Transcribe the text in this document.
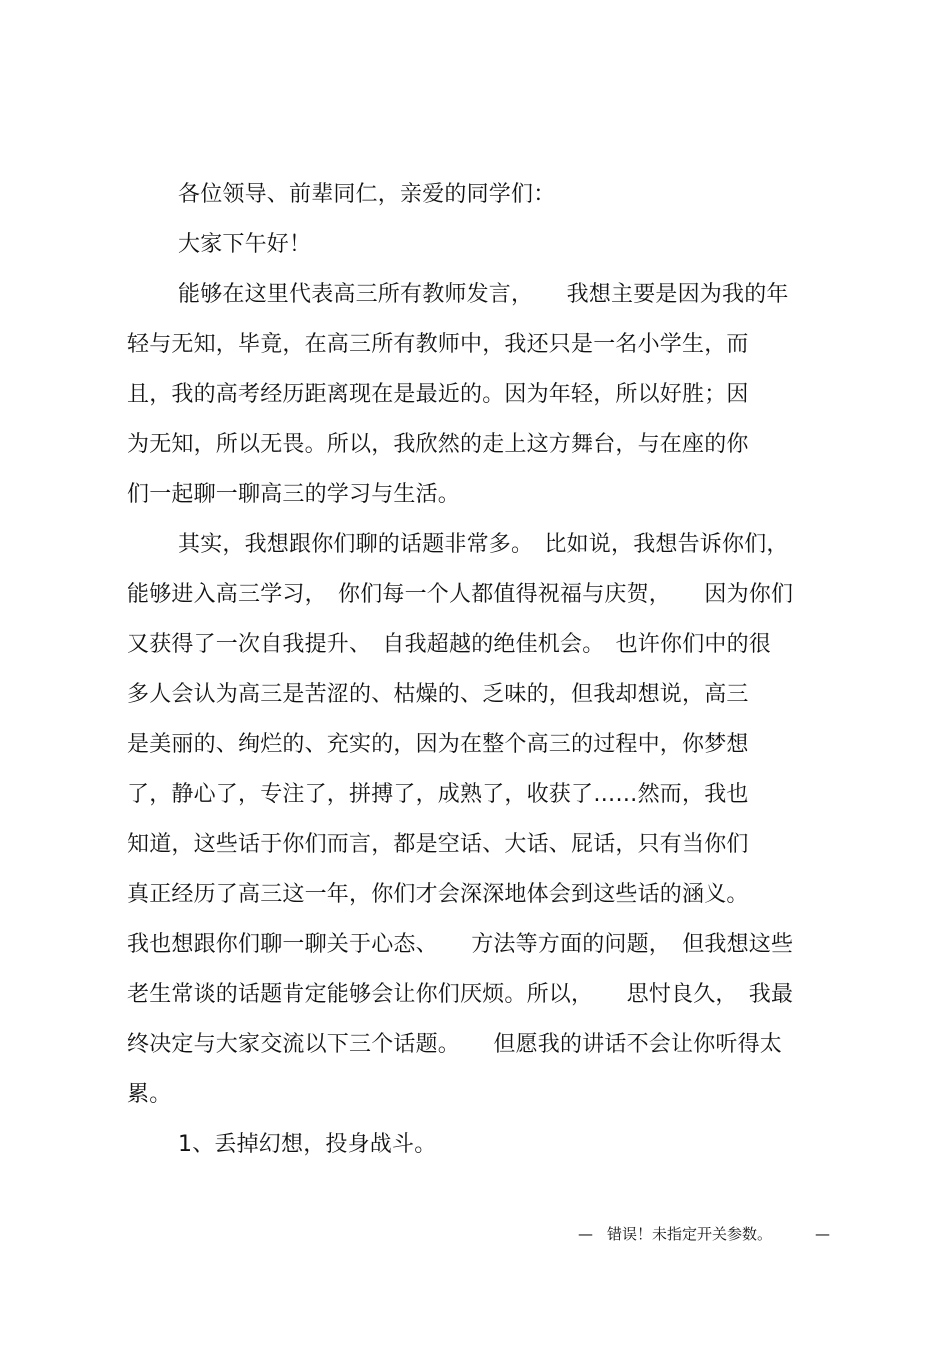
各位领导、前辈同仁，亲爱的同学们：
大家下午好！
能够在这里代表高三所有教师发言，　　我想主要是因为我的年
轻与无知，毕竟，在高三所有教师中，我还只是一名小学生，而
且，我的高考经历距离现在是最近的。因为年轻，所以好胜；因
为无知，所以无畏。所以，我欣然的走上这方舞台，与在座的你
们一起聊一聊高三的学习与生活。
其实，我想跟你们聊的话题非常多。　比如说，我想告诉你们，
能够进入高三学习，　你们每一个人都值得祝福与庆贺，　　因为你们
又获得了一次自我提升、　自我超越的绝佳机会。　也许你们中的很
多人会认为高三是苦涩的、枯燥的、乏味的，但我却想说，高三
是美丽的、绚烂的、充实的，因为在整个高三的过程中，你梦想
了，静心了，专注了，拼搏了，成熟了，收获了……然而，我也
知道，这些话于你们而言，都是空话、大话、屁话，只有当你们
真正经历了高三这一年，你们才会深深地体会到这些话的涵义。
我也想跟你们聊一聊关于心态、　　方法等方面的问题，　但我想这些
老生常谈的话题肯定能够会让你们厌烦。所以，　　思忖良久，　我最
终决定与大家交流以下三个话题。　　但愿我的讲话不会让你听得太
累。
1、丢掉幻想，投身战斗。
— 错误！未指定开关参数。	—
